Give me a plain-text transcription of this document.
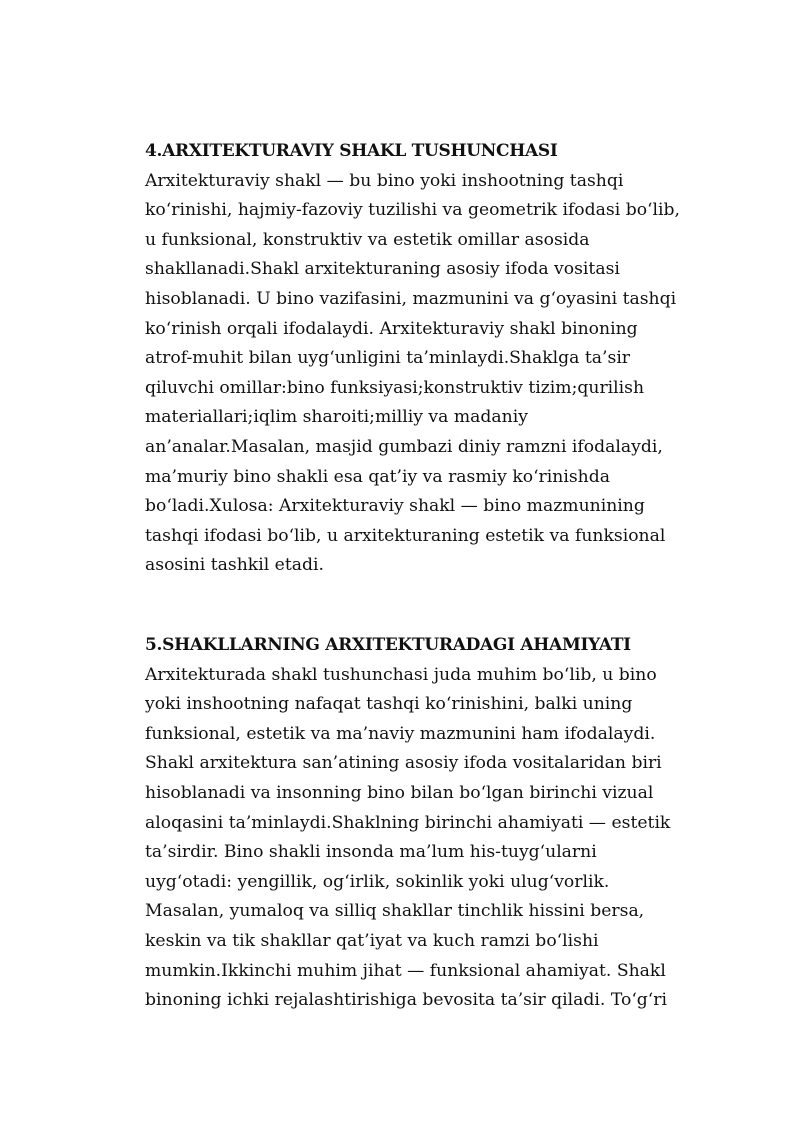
4.ARXITEKTURAVIY SHAKL TUSHUNCHASI

Arxitekturaviy shakl — bu bino yoki inshootning tashqi
ko‘rinishi, hajmiy-fazoviy tuzilishi va geometrik ifodasi bo‘lib,
u funksional, konstruktiv va estetik omillar asosida
shakllanadi.Shakl arxitekturaning asosiy ifoda vositasi
hisoblanadi. U bino vazifasini, mazmunini va g‘oyasini tashqi
ko‘rinish orqali ifodalaydi. Arxitekturaviy shakl binoning
atrof-muhit bilan uyg‘unligini ta’minlaydi.Shaklga ta’sir
qiluvchi omillar:bino funksiyasi;konstruktiv tizim;qurilish
materiallari;iqlim sharoiti;milliy va madaniy
an’analar.Masalan, masjid gumbazi diniy ramzni ifodalaydi,
ma’muriy bino shakli esa qat’iy va rasmiy ko‘rinishda
bo‘ladi.Xulosa: Arxitekturaviy shakl — bino mazmunining
tashqi ifodasi bo‘lib, u arxitekturaning estetik va funksional
asosini tashkil etadi.

5.SHAKLLARNING ARXITEKTURADAGI AHAMIYATI

Arxitekturada shakl tushunchasi juda muhim bo‘lib, u bino
yoki inshootning nafaqat tashqi ko‘rinishini, balki uning
funksional, estetik va ma’naviy mazmunini ham ifodalaydi.
Shakl arxitektura san’atining asosiy ifoda vositalaridan biri
hisoblanadi va insonning bino bilan bo‘lgan birinchi vizual
aloqasini ta’minlaydi.Shaklning birinchi ahamiyati — estetik
ta’sirdir. Bino shakli insonda ma’lum his-tuyg‘ularni
uyg‘otadi: yengillik, og‘irlik, sokinlik yoki ulug‘vorlik.
Masalan, yumaloq va silliq shakllar tinchlik hissini bersa,
keskin va tik shakllar qat’iyat va kuch ramzi bo‘lishi
mumkin.Ikkinchi muhim jihat — funksional ahamiyat. Shakl
binoning ichki rejalashtirishiga bevosita ta’sir qiladi. To‘g‘ri
